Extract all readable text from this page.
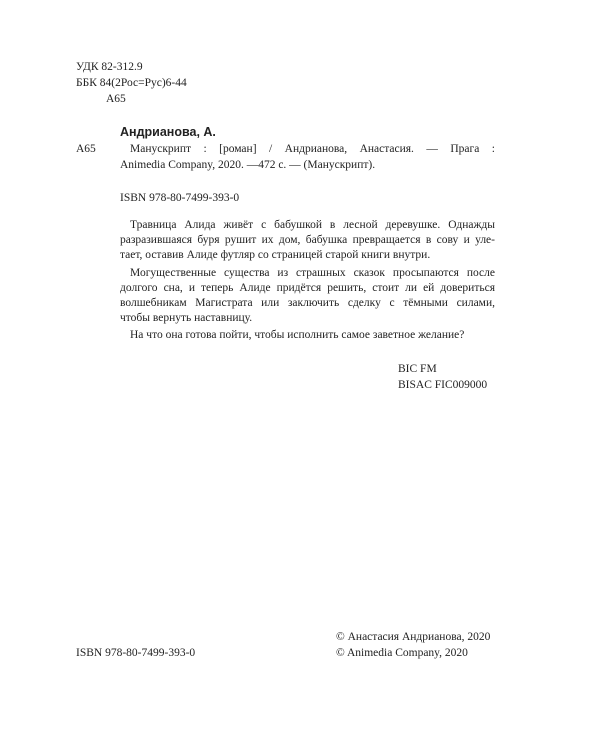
УДК 82-312.9
ББК 84(2Рос=Рус)6-44
А65
Андрианова, А.
А65	Манускрипт : [роман] / Андрианова, Анастасия. — Прага :
Animedia Company, 2020. —472 с. — (Манускрипт).
ISBN 978-80-7499-393-0
Травница Алида живёт с бабушкой в лесной деревушке. Однажды
разразившаяся буря рушит их дом, бабушка превращается в сову и уле-
тает, оставив Алиде футляр со страницей старой книги внутри.
Могущественные существа из страшных сказок просыпаются после
долгого сна, и теперь Алиде придётся решить, стоит ли ей довериться
волшебникам Магистрата или заключить сделку с тёмными силами,
чтобы вернуть наставницу.
На что она готова пойти, чтобы исполнить самое заветное желание?
BIC FM
BISAC FIC009000
© Анастасия Андрианова, 2020
ISBN 978-80-7499-393-0	© Animedia Company, 2020
